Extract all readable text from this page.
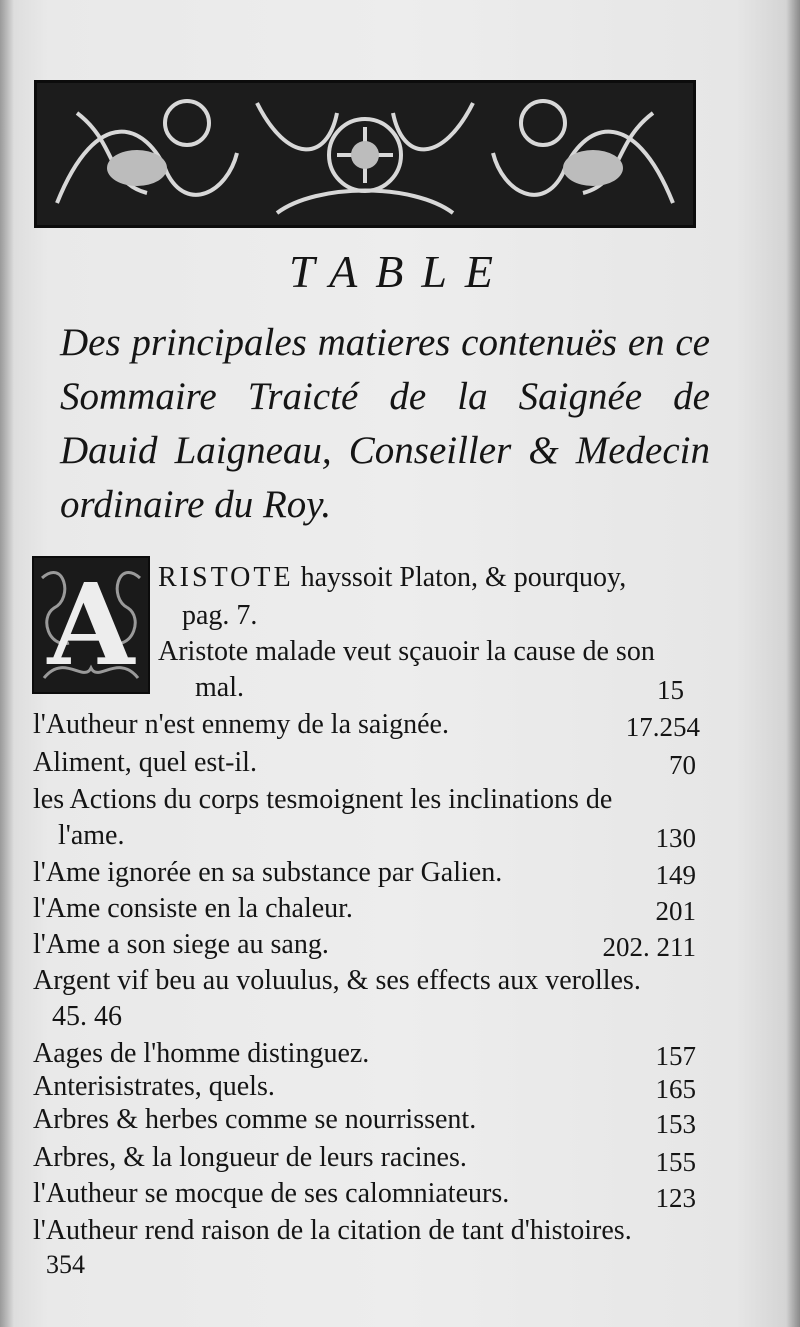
TABLE
Des principales matieres contenuës en ce Sommaire Traicté de la Saignée de Dauid Laigneau, Conseiller & Medecin ordinaire du Roy.
A RISTOTE hayssoit Platon, & pourquoy,
pag. 7.
Aristote malade veut sçauoir la cause de son
mal.	15
l'Autheur n'est ennemy de la saignée.	17.254
Aliment, quel est-il.	70
les Actions du corps tesmoignent les inclinations de
l'ame.	130
l'Ame ignorée en sa substance par Galien.	149
l'Ame consiste en la chaleur.	201
l'Ame a son siege au sang.	202. 211
Argent vif beu au voluulus, & ses effects aux verolles.
45. 46
Aages de l'homme distinguez.	157
Anterisistrates, quels.	165
Arbres & herbes comme se nourrissent.	153
Arbres, & la longueur de leurs racines.	155
l'Autheur se mocque de ses calomniateurs.	123
l'Autheur rend raison de la citation de tant d'histoires.
354
